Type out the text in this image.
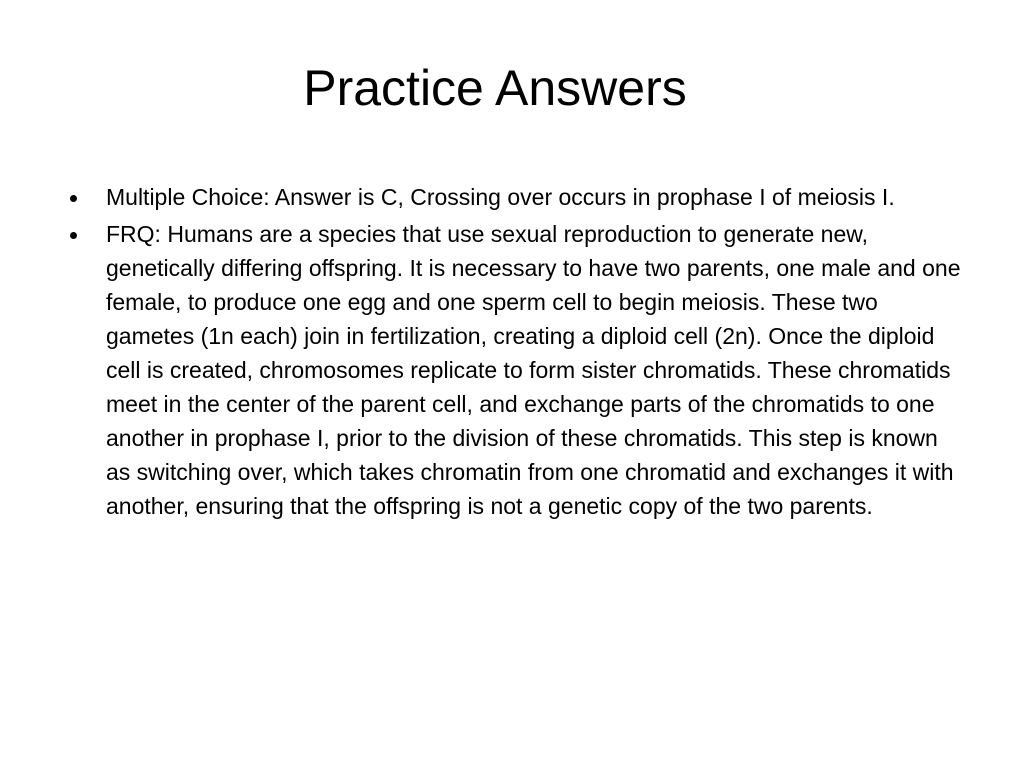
Practice Answers
Multiple Choice: Answer is C, Crossing over occurs in prophase I of meiosis I.
FRQ: Humans are a species that use sexual reproduction to generate new, genetically differing offspring. It is necessary to have two parents, one male and one female, to produce one egg and one sperm cell to begin meiosis. These two gametes (1n each) join in fertilization, creating a diploid cell (2n). Once the diploid cell is created, chromosomes replicate to form sister chromatids. These chromatids meet in the center of the parent cell, and exchange parts of the chromatids to one another in prophase I, prior to the division of these chromatids. This step is known as switching over, which takes chromatin from one chromatid and exchanges it with another, ensuring that the offspring is not a genetic copy of the two parents.
